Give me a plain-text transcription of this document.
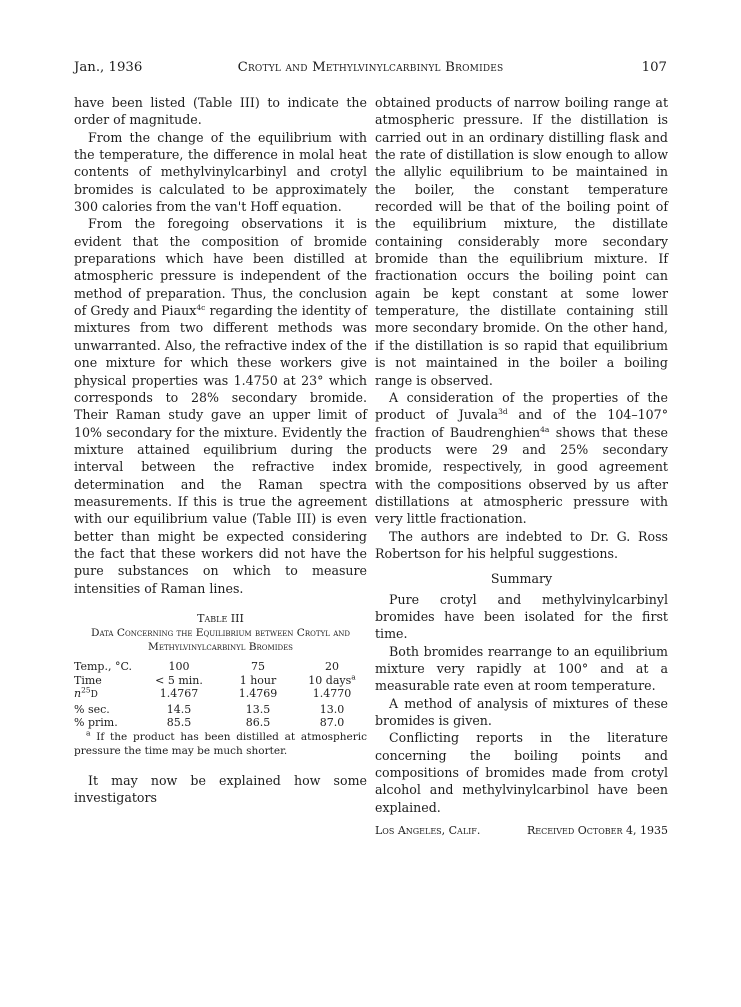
Jan., 1936	Crotyl and Methylvinylcarbinyl Bromides	107

have been listed (Table III) to indicate the order of magnitude.

From the change of the equilibrium with the temperature, the difference in molal heat contents of methylvinylcarbinyl and crotyl bromides is calculated to be approximately 300 calories from the van't Hoff equation.

From the foregoing observations it is evident that the composition of bromide preparations which have been distilled at atmospheric pressure is independent of the method of preparation. Thus, the conclusion of Gredy and Piaux$^{4c}$ regarding the identity of mixtures from two different methods was unwarranted. Also, the refractive index of the one mixture for which these workers give physical properties was 1.4750 at 23° which corresponds to 28% secondary bromide. Their Raman study gave an upper limit of 10% secondary for the mixture. Evidently the mixture attained equilibrium during the interval between the refractive index determination and the Raman spectra measurements. If this is true the agreement with our equilibrium value (Table III) is even better than might be expected considering the fact that these workers did not have the pure substances on which to measure intensities of Raman lines.

Table III
Data Concerning the Equilibrium between Crotyl and Methylvinylcarbinyl Bromides
Temp., °C.	100	75	20
Time	< 5 min.	1 hour	10 days$^a$
$n^{25}D$	1.4767	1.4769	1.4770
% sec.	14.5	13.5	13.0
% prim.	85.5	86.5	87.0

$^a$ If the product has been distilled at atmospheric pressure the time may be much shorter.

It may now be explained how some investigators

obtained products of narrow boiling range at atmospheric pressure. If the distillation is carried out in an ordinary distilling flask and the rate of distillation is slow enough to allow the allylic equilibrium to be maintained in the boiler, the constant temperature recorded will be that of the boiling point of the equilibrium mixture, the distillate containing considerably more secondary bromide than the equilibrium mixture. If fractionation occurs the boiling point can again be kept constant at some lower temperature, the distillate containing still more secondary bromide. On the other hand, if the distillation is so rapid that equilibrium is not maintained in the boiler a boiling range is observed.

A consideration of the properties of the product of Juvala$^{3d}$ and of the 104–107° fraction of Baudrenghien$^{4a}$ shows that these products were 29 and 25% secondary bromide, respectively, in good agreement with the compositions observed by us after distillations at atmospheric pressure with very little fractionation.

The authors are indebted to Dr. G. Ross Robertson for his helpful suggestions.

Summary

Pure crotyl and methylvinylcarbinyl bromides have been isolated for the first time.

Both bromides rearrange to an equilibrium mixture very rapidly at 100° and at a measurable rate even at room temperature.

A method of analysis of mixtures of these bromides is given.

Conflicting reports in the literature concerning the boiling points and compositions of bromides made from crotyl alcohol and methylvinylcarbinol have been explained.

Los Angeles, Calif.	Received October 4, 1935
